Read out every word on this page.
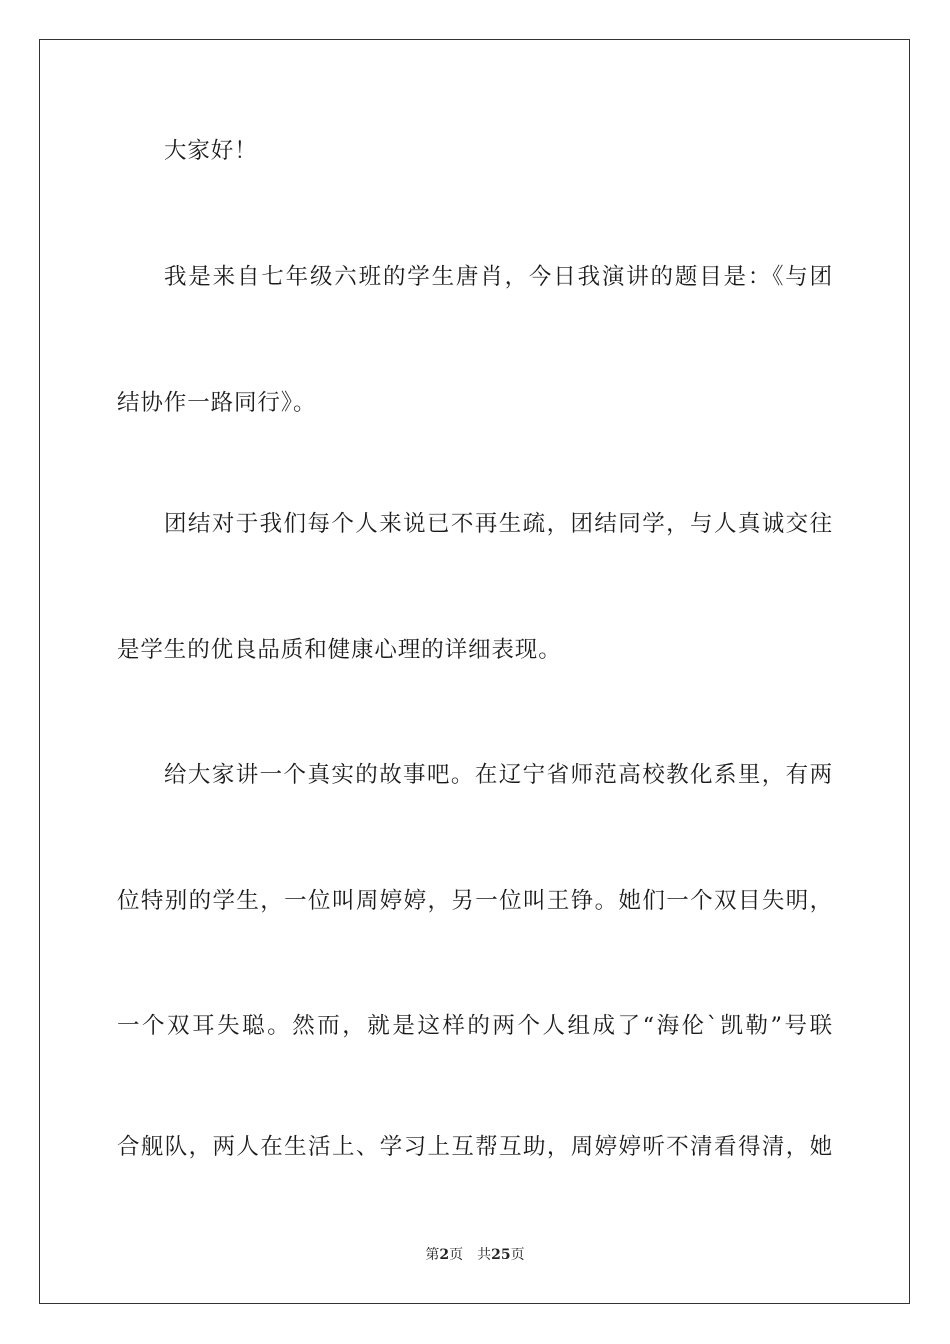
大家好！
我是来自七年级六班的学生唐肖，今日我演讲的题目是：《与团
结协作一路同行》。
团结对于我们每个人来说已不再生疏，团结同学，与人真诚交往
是学生的优良品质和健康心理的详细表现。
给大家讲一个真实的故事吧。在辽宁省师范高校教化系里，有两
位特别的学生，一位叫周婷婷，另一位叫王铮。她们一个双目失明，
一个双耳失聪。然而，就是这样的两个人组成了“海伦`凯勒”号联
合舰队，两人在生活上、学习上互帮互助，周婷婷听不清看得清，她
第2页 共25页
